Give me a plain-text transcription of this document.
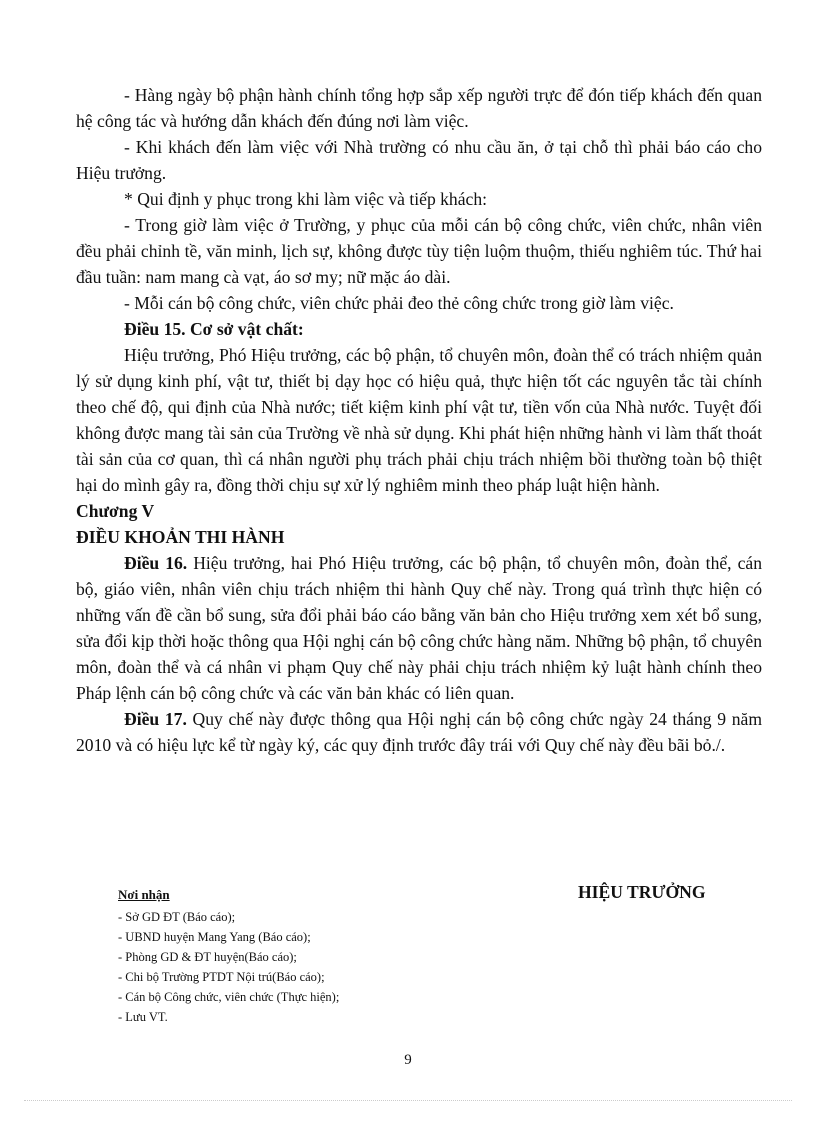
- Hàng ngày bộ phận hành chính tổng hợp sắp xếp người trực để đón tiếp khách đến quan hệ công tác và hướng dẫn khách đến đúng nơi làm việc.

- Khi khách đến làm việc với Nhà trường có nhu cầu ăn, ở tại chỗ thì phải báo cáo cho Hiệu trưởng.

* Qui định y phục trong khi làm việc và tiếp khách:

- Trong giờ làm việc ở Trường, y phục của mỗi cán bộ công chức, viên chức, nhân viên đều phải chỉnh tề, văn minh, lịch sự, không được tùy tiện luộm thuộm, thiếu nghiêm túc. Thứ hai đầu tuần: nam mang cà vạt, áo sơ my; nữ mặc áo dài.

- Mỗi cán bộ công chức, viên chức phải đeo thẻ công chức trong giờ làm việc.

Điều 15. Cơ sở vật chất:

Hiệu trưởng, Phó Hiệu trưởng, các bộ phận, tổ chuyên môn, đoàn thể có trách nhiệm quản lý sử dụng kinh phí, vật tư, thiết bị dạy học có hiệu quả, thực hiện tốt các nguyên tắc tài chính theo chế độ, qui định của Nhà nước; tiết kiệm kinh phí vật tư, tiền vốn của Nhà nước. Tuyệt đối không được mang tài sản của Trường về nhà sử dụng. Khi phát hiện những hành vi làm thất thoát tài sản của cơ quan, thì cá nhân người phụ trách phải chịu trách nhiệm bồi thường toàn bộ thiệt hại do mình gây ra, đồng thời chịu sự xử lý nghiêm minh theo pháp luật hiện hành.

Chương V

ĐIỀU KHOẢN THI HÀNH

Điều 16. Hiệu trưởng, hai Phó Hiệu trưởng, các bộ phận, tổ chuyên môn, đoàn thể, cán bộ, giáo viên, nhân viên chịu trách nhiệm thi hành Quy chế này. Trong quá trình thực hiện có những vấn đề cần bổ sung, sửa đổi phải báo cáo bằng văn bản cho Hiệu trưởng xem xét bổ sung, sửa đổi kịp thời hoặc thông qua Hội nghị cán bộ công chức hàng năm. Những bộ phận, tổ chuyên môn, đoàn thể và cá nhân vi phạm Quy chế này phải chịu trách nhiệm kỷ luật hành chính theo Pháp lệnh cán bộ công chức và các văn bản khác có liên quan.

Điều 17. Quy chế này được thông qua Hội nghị cán bộ công chức ngày 24 tháng 9 năm 2010 và có hiệu lực kể từ ngày ký, các quy định trước đây trái với Quy chế này đều bãi bỏ./.

Nơi nhận
- Sở GD ĐT (Báo cáo);
- UBND huyện Mang Yang (Báo cáo);
- Phòng GD & ĐT huyện(Báo cáo);
- Chi bộ Trường PTDT Nội trú(Báo cáo);
- Cán bộ Công chức, viên chức (Thực hiện);
- Lưu VT.
HIỆU TRƯỞNG
9
